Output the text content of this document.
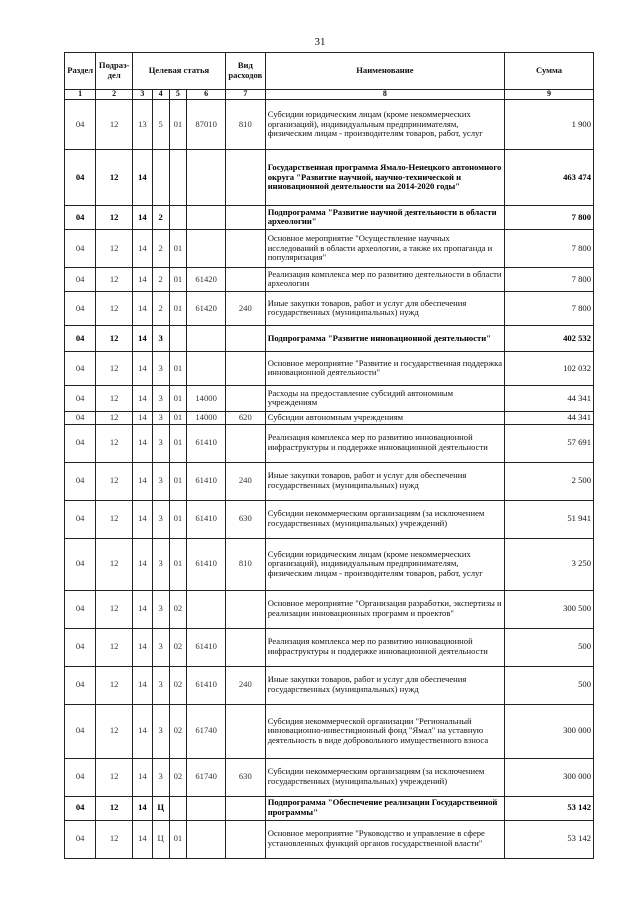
31
Раздел	Подраз-дел	Целевая статья				Вид расходов	Наименование	Сумма
1	2	3	4	5	6	7	8	9
04	12	13	5	01	87010	810	Субсидии юридическим лицам (кроме некоммерческих организаций), индивидуальным предпринимателям, физическим лицам - производителям товаров, работ, услуг	1 900
04	12	14					Государственная программа Ямало-Ненецкого автономного округа "Развитие научной, научно-технической и инновационной деятельности на 2014-2020 годы"	463 474
04	12	14	2				Подпрограмма "Развитие научной деятельности в области археологии"	7 800
04	12	14	2	01			Основное мероприятие "Осуществление научных исследований в области археологии, а также их пропаганда и популяризация"	7 800
04	12	14	2	01	61420		Реализация комплекса мер по развитию деятельности в области археологии	7 800
04	12	14	2	01	61420	240	Иные закупки товаров, работ и услуг для обеспечения государственных (муниципальных) нужд	7 800
04	12	14	3				Подпрограмма "Развитие инновационной деятельности"	402 532
04	12	14	3	01			Основное мероприятие "Развитие и государственная поддержка инновационной деятельности"	102 032
04	12	14	3	01	14000		Расходы на предоставление субсидий автономным учреждениям	44 341
04	12	14	3	01	14000	620	Субсидии автономным учреждениям	44 341
04	12	14	3	01	61410		Реализация комплекса мер по развитию инновационной инфраструктуры и поддержке инновационной деятельности	57 691
04	12	14	3	01	61410	240	Иные закупки товаров, работ и услуг для обеспечения государственных (муниципальных) нужд	2 500
04	12	14	3	01	61410	630	Субсидии некоммерческим организациям (за исключением государственных (муниципальных) учреждений)	51 941
04	12	14	3	01	61410	810	Субсидии юридическим лицам (кроме некоммерческих организаций), индивидуальным предпринимателям, физическим лицам - производителям товаров, работ, услуг	3 250
04	12	14	3	02			Основное мероприятие "Организация разработки, экспертизы и реализации инновационных программ и проектов"	300 500
04	12	14	3	02	61410		Реализация комплекса мер по развитию инновационной инфраструктуры и поддержке инновационной деятельности	500
04	12	14	3	02	61410	240	Иные закупки товаров, работ и услуг для обеспечения государственных (муниципальных) нужд	500
04	12	14	3	02	61740		Субсидия некоммерческой организации "Региональный инновационно-инвестиционный фонд "Ямал" на уставную деятельность в виде добровольного имущественного взноса	300 000
04	12	14	3	02	61740	630	Субсидии некоммерческим организациям (за исключением государственных (муниципальных) учреждений)	300 000
04	12	14	Ц				Подпрограмма "Обеспечение реализации Государственной программы"	53 142
04	12	14	Ц	01			Основное мероприятие "Руководство и управление в сфере установленных функций органов государственной власти"	53 142
